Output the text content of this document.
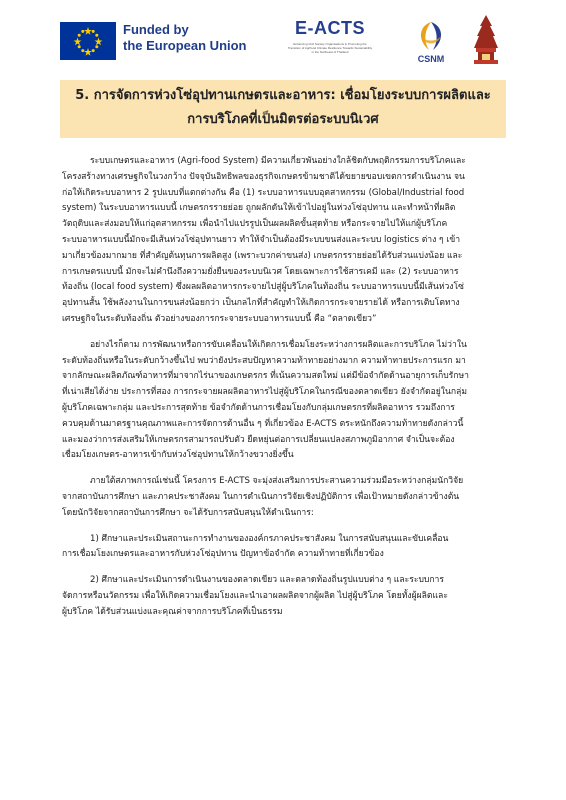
Funded by
the European Union
E-ACTS
Enhancing Civil Society Organisations in Promoting the Transition of Agrifood Climate Resilience Towards Sustainability in the Northeast of Thailand
CSNM
5. การจัดการห่วงโซ่อุปทานเกษตรและอาหาร: เชื่อมโยงระบบการผลิตและ
การบริโภคที่เป็นมิตรต่อระบบนิเวศ
ระบบเกษตรและอาหาร (Agri-food System) มีความเกี่ยวพันอย่างใกล้ชิดกับพฤติกรรมการบริโภคและ
โครงสร้างทางเศรษฐกิจในวงกว้าง ปัจจุบันอิทธิพลของธุรกิจเกษตรข้ามชาติได้ขยายขอบเขตการดำเนินงาน จน
ก่อให้เกิดระบบอาหาร 2 รูปแบบที่แตกต่างกัน คือ (1) ระบบอาหารแบบอุตสาหกรรม (Global/Industrial food
system) ในระบบอาหารแบบนี้ เกษตรกรรายย่อย ถูกผลักดันให้เข้าไปอยู่ในห่วงโซ่อุปทาน และทำหน้าที่ผลิต
วัตถุดิบและส่งมอบให้แก่อุตสาหกรรม เพื่อนำไปแปรรูปเป็นผลผลิตขั้นสุดท้าย หรือกระจายไปให้แก่ผู้บริโภค
ระบบอาหารแบบนี้มักจะมีเส้นห่วงโซ่อุปทานยาว ทำให้จำเป็นต้องมีระบบขนส่งและระบบ logistics ต่าง ๆ เข้า
มาเกี่ยวข้องมากมาย ที่สำคัญต้นทุนการผลิตสูง (เพราะบวกค่าขนส่ง) เกษตรกรรายย่อยได้รับส่วนแบ่งน้อย และ
การเกษตรแบบนี้ มักจะไม่คำนึงถึงความยั่งยืนของระบบนิเวศ โดยเฉพาะการใช้สารเคมี และ (2) ระบบอาหาร
ท้องถิ่น (local food system) ซึ่งผลผลิตอาหารกระจายไปสู่ผู้บริโภคในท้องถิ่น ระบบอาหารแบบนี้มีเส้นห่วงโซ่
อุปทานสั้น ใช้พลังงานในการขนส่งน้อยกว่า เป็นกลไกที่สำคัญทำให้เกิดการกระจายรายได้ หรือการเติบโตทาง
เศรษฐกิจในระดับท้องถิ่น ตัวอย่างของการกระจายระบบอาหารแบบนี้ คือ “ตลาดเขียว”
อย่างไรก็ตาม การพัฒนาหรือการขับเคลื่อนให้เกิดการเชื่อมโยงระหว่างการผลิตและการบริโภค ไม่ว่าใน
ระดับท้องถิ่นหรือในระดับกว้างขึ้นไป พบว่ายังประสบปัญหาความท้าทายอย่างมาก ความท้าทายประการแรก มา
จากลักษณะผลิตภัณฑ์อาหารที่มาจากไร่นาของเกษตรกร ที่เน้นความสดใหม่ แต่มีข้อจำกัดด้านอายุการเก็บรักษา
ที่เน่าเสียได้ง่าย ประการที่สอง การกระจายผลผลิตอาหารไปสู่ผู้บริโภคในกรณีของตลาดเขียว ยังจำกัดอยู่ในกลุ่ม
ผู้บริโภคเฉพาะกลุ่ม และประการสุดท้าย ข้อจำกัดด้านการเชื่อมโยงกับกลุ่มเกษตรกรที่ผลิตอาหาร รวมถึงการ
ควบคุมด้านมาตรฐานคุณภาพและการจัดการด้านอื่น ๆ ที่เกี่ยวข้อง E-ACTS ตระหนักถึงความท้าทายดังกล่าวนี้
และมองว่าการส่งเสริมให้เกษตรกรสามารถปรับตัว ยืดหยุ่นต่อการเปลี่ยนแปลงสภาพภูมิอากาศ จำเป็นจะต้อง
เชื่อมโยงเกษตร-อาหารเข้ากับห่วงโซ่อุปทานให้กว้างขวางยิ่งขึ้น
ภายใต้สภาพการณ์เช่นนี้ โครงการ E-ACTS จะมุ่งส่งเสริมการประสานความร่วมมือระหว่างกลุ่มนักวิจัย
จากสถาบันการศึกษา และภาคประชาสังคม ในการดำเนินการวิจัยเชิงปฏิบัติการ เพื่อเป้าหมายดังกล่าวข้างต้น
โดยนักวิจัยจากสถาบันการศึกษา จะได้รับการสนับสนุนให้ดำเนินการ:
1) ศึกษาและประเมินสถานะการทำงานขององค์กรภาคประชาสังคม ในการสนับสนุนและขับเคลื่อน
การเชื่อมโยงเกษตรและอาหารกับห่วงโซ่อุปทาน ปัญหาข้อจำกัด ความท้าทายที่เกี่ยวข้อง
2) ศึกษาและประเมินการดำเนินงานของตลาดเขียว และตลาดท้องถิ่นรูปแบบต่าง ๆ และระบบการ
จัดการหรือนวัตกรรม เพื่อให้เกิดความเชื่อมโยงและนำเอาผลผลิตจากผู้ผลิต ไปสู่ผู้บริโภค โดยทั้งผู้ผลิตและ
ผู้บริโภค ได้รับส่วนแบ่งและคุณค่าจากการบริโภคที่เป็นธรรม
